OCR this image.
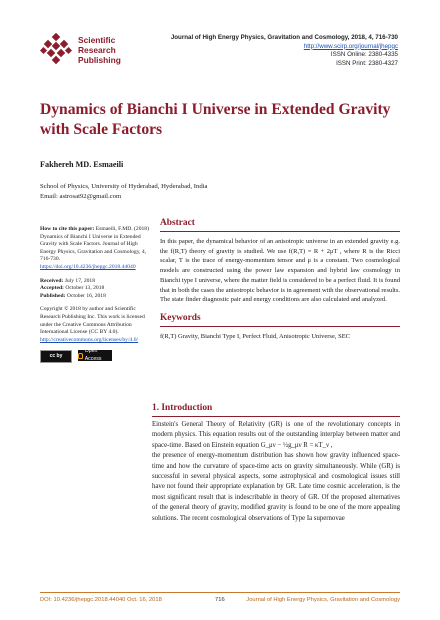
Scientific
Research
Publishing
Journal of High Energy Physics, Gravitation and Cosmology, 2018, 4, 716-730
http://www.scirp.org/journal/jhepgc
ISSN Online: 2380-4335
ISSN Print: 2380-4327
Dynamics of Bianchi I Universe in Extended Gravity with Scale Factors
Fakhereh MD. Esmaeili
School of Physics, University of Hyderabad, Hyderabad, India
Email: astrosat92@gmail.com

How to cite this paper: Esmaeili, F.MD. (2018) Dynamics of Bianchi I Universe in Extended Gravity with Scale Factors. Journal of High Energy Physics, Gravitation and Cosmology, 4, 716-730. https://doi.org/10.4236/jhepgc.2018.44040

Received: July 17, 2018
Accepted: October 13, 2018
Published: October 16, 2018

Copyright © 2018 by author and Scientific Research Publishing Inc. This work is licensed under the Creative Commons Attribution International License (CC BY 4.0).
http://creativecommons.org/licenses/by/4.0/

cc by
Open Access
Abstract

In this paper, the dynamical behavior of an anisotropic universe in an extended gravity e.g. the f(R,T) theory of gravity is studied. We use f(R,T) = R + 2μT , where R is the Ricci scalar, T is the trace of energy-momentum tensor and μ is a constant. Two cosmological models are constructed using the power law expansion and hybrid law cosmology in Bianchi type I universe, where the matter field is considered to be a perfect fluid. It is found that in both the cases the anisotropic behavior is in agreement with the observational results. The state finder diagnostic pair and energy conditions are also calculated and analyzed.

Keywords
f(R,T) Gravity, Bianchi Type I, Perfect Fluid, Anisotropic Universe, SEC
1. Introduction

Einstein's General Theory of Relativity (GR) is one of the revolutionary concepts in modern physics. This equation results out of the outstanding interplay between matter and space-time. Based on Einstein equation G_μν − ½g_μν R = κT_ν ,

the presence of energy-momentum distribution has shown how gravity influenced space-time and how the curvature of space-time acts on gravity simultaneously. While (GR) is successful in several physical aspects, some astrophysical and cosmological issues still have not found their appropriate explanation by GR. Late time cosmic acceleration, is the most significant result that is indescribable in theory of GR. Of the proposed alternatives of the general theory of gravity, modified gravity is found to be one of the more appealing solutions. The recent cosmological observations of Type Ia supernovae

DOI: 10.4236/jhepgc.2018.44040 Oct. 16, 2018	716	Journal of High Energy Physics, Gravitation and Cosmology
